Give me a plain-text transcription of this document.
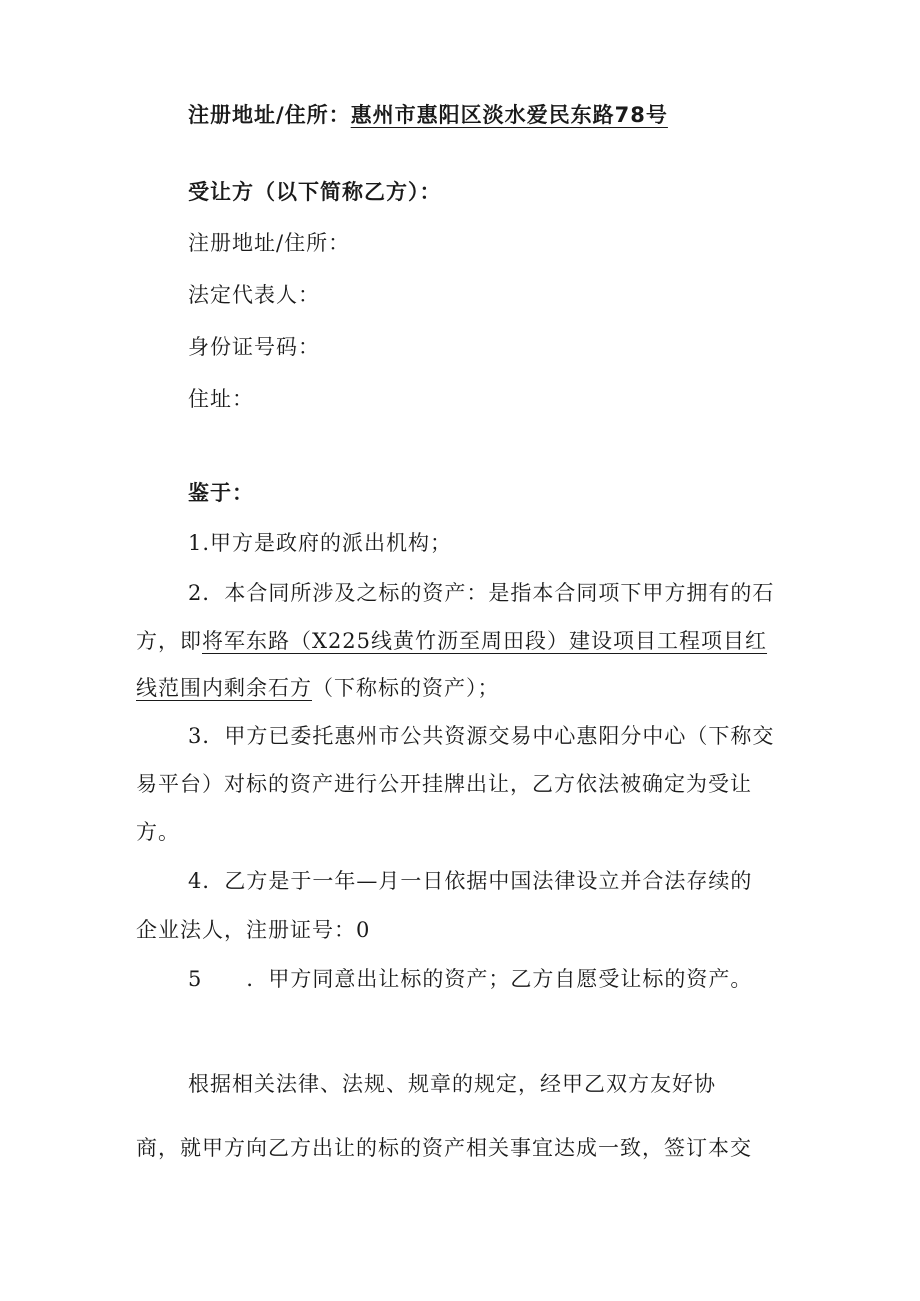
注册地址/住所：惠州市惠阳区淡水爱民东路78号
受让方（以下简称乙方）：
注册地址/住所：
法定代表人：
身份证号码：
住址：
鉴于：
1.甲方是政府的派出机构；
2．本合同所涉及之标的资产：是指本合同项下甲方拥有的石
方，即将军东路（X225线黄竹沥至周田段）建设项目工程项目红
线范围内剩余石方（下称标的资产）；
3．甲方已委托惠州市公共资源交易中心惠阳分中心（下称交
易平台）对标的资产进行公开挂牌出让，乙方依法被确定为受让
方。
4．乙方是于一年—月一日依据中国法律设立并合法存续的
企业法人，注册证号：0
5 ．甲方同意出让标的资产；乙方自愿受让标的资产。
根据相关法律、法规、规章的规定，经甲乙双方友好协
商，就甲方向乙方出让的标的资产相关事宜达成一致，签订本交
